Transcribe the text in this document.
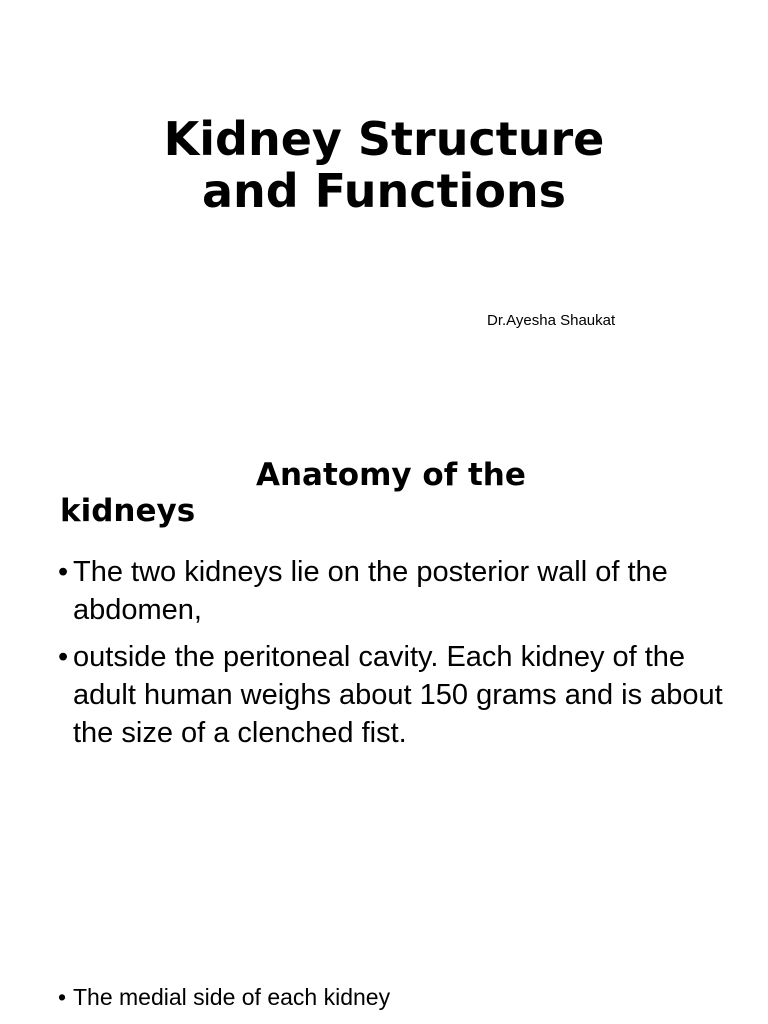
Kidney Structure
and Functions

Dr.Ayesha Shaukat

Anatomy of the
kidneys
• The two kidneys lie on the posterior wall of the abdomen,
• outside the peritoneal cavity. Each kidney of the adult human weighs about 150 grams and is about the size of a clenched fist.
• The medial side of each kidney
